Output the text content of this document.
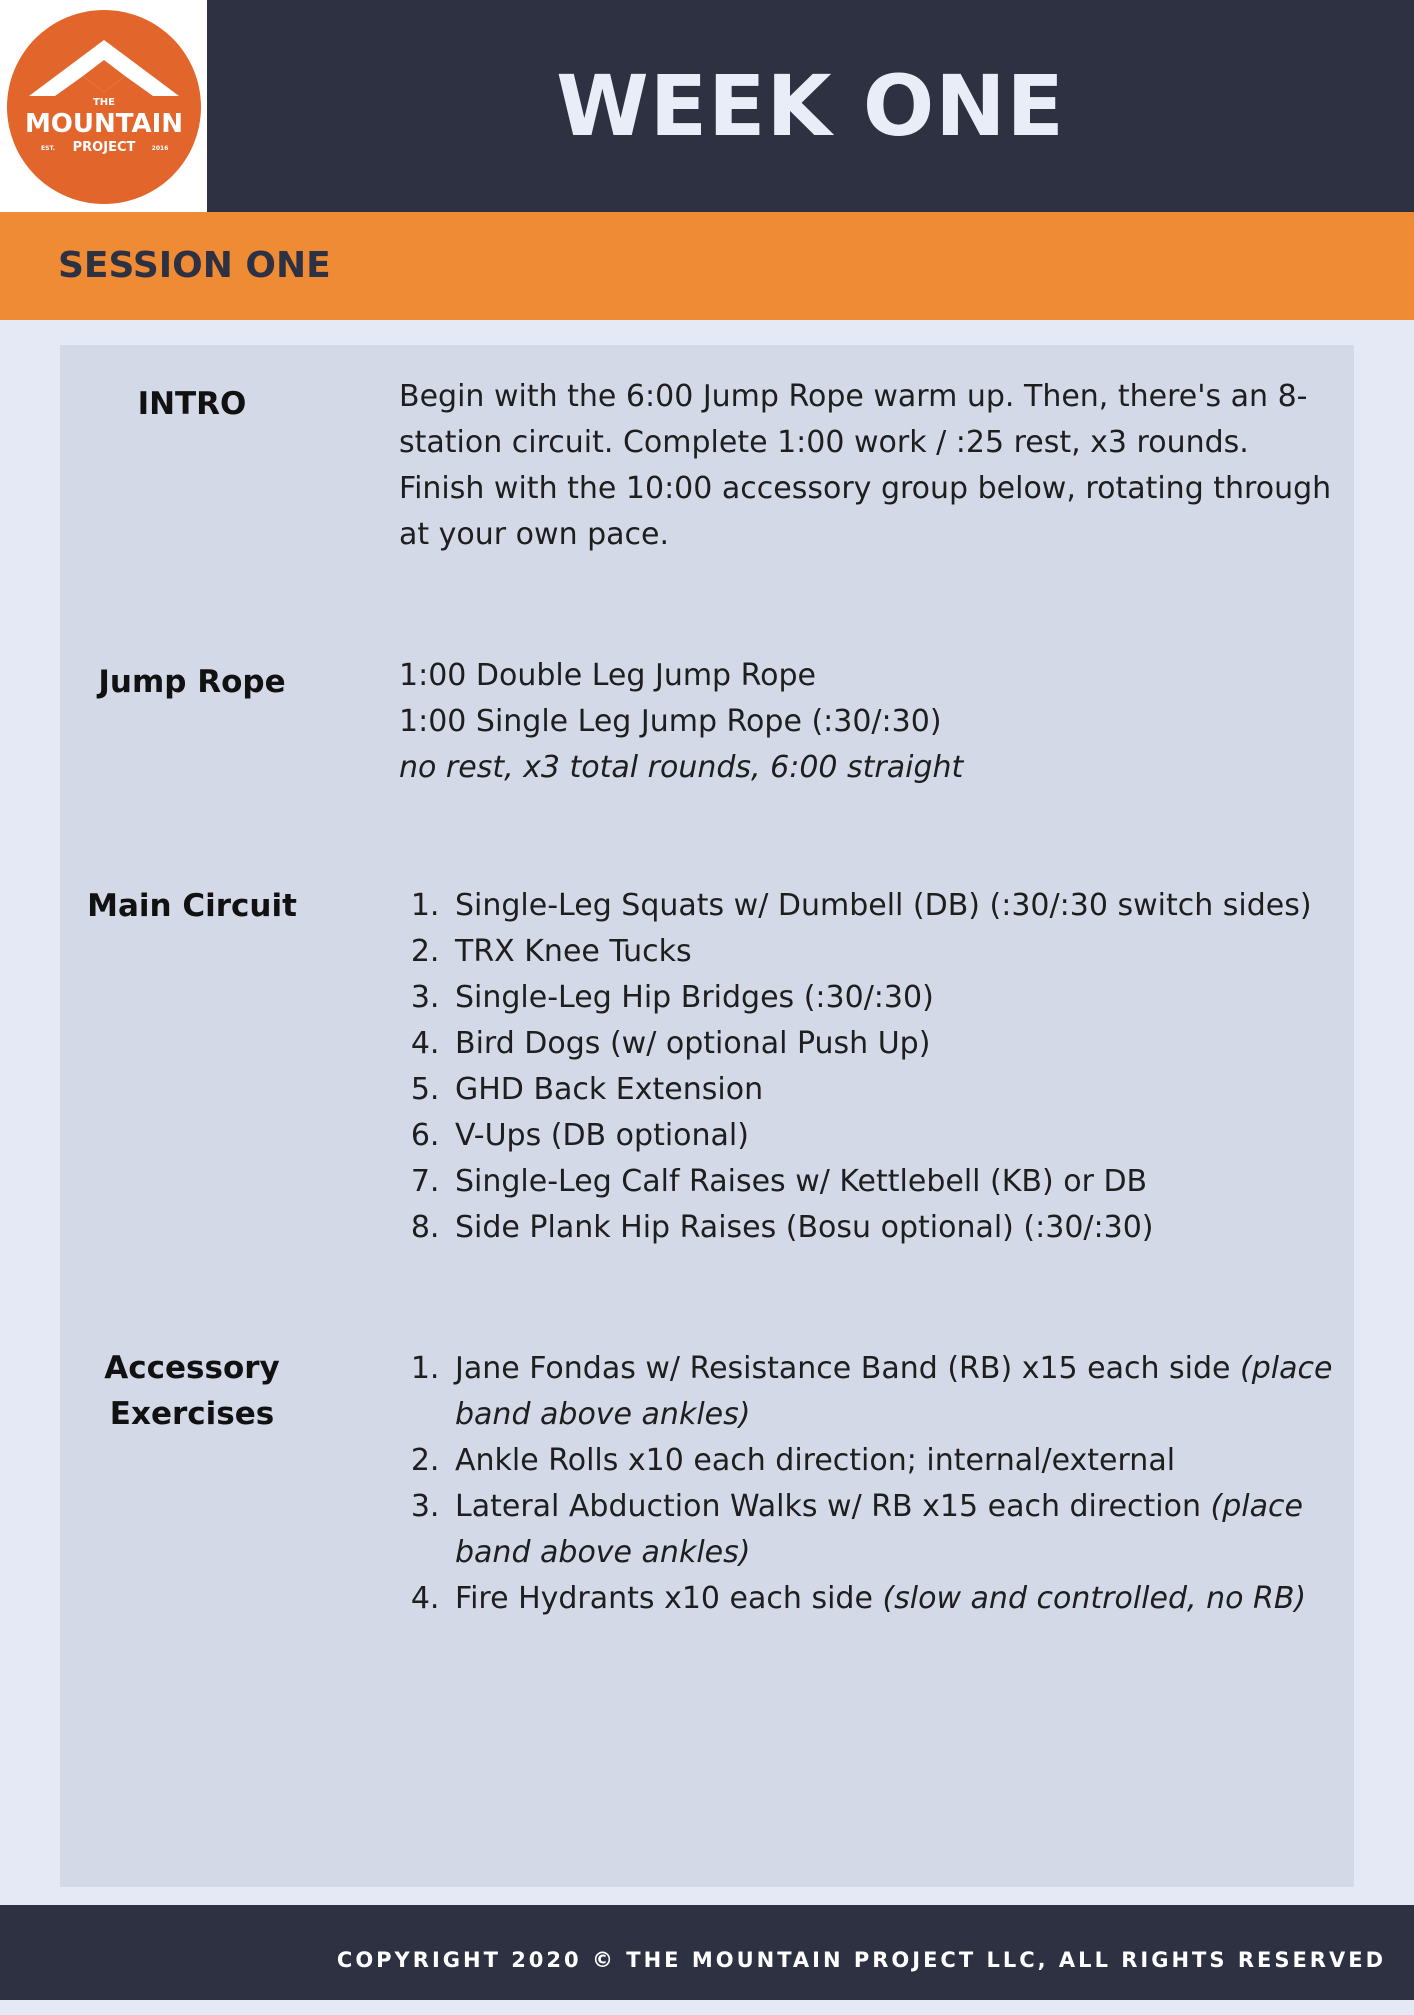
THE
MOUNTAIN
EST. PROJECT	2016	WEEK ONE
SESSION ONE
INTRO	Begin with the 6:00 Jump Rope warm up. Then, there's an 8-station circuit. Complete 1:00 work / :25 rest, x3 rounds. Finish with the 10:00 accessory group below, rotating through at your own pace.

Jump Rope	1:00 Double Leg Jump Rope

1:00 Single Leg Jump Rope (:30/:30)

no rest, x3 total rounds, 6:00 straight

Main Circuit
1.	Single-Leg Squats w/ Dumbell (DB) (:30/:30 switch sides)
2. TRX Knee Tucks
3. Single-Leg Hip Bridges (:30/:30)
4. Bird Dogs (w/ optional Push Up)
5. GHD Back Extension
6. V-Ups (DB optional)
7. Single-Leg Calf Raises w/ Kettlebell (KB) or DB
8. Side Plank Hip Raises (Bosu optional) (:30/:30)
Accessory
Exercises
1. Jane Fondas w/ Resistance Band (RB) x15 each side (place band above ankles)
2. Ankle Rolls x10 each direction; internal/external
3. Lateral Abduction Walks w/ RB x15 each direction (place band above ankles)
4. Fire Hydrants x10 each side (slow and controlled, no RB)
COPYRIGHT 2020 © THE MOUNTAIN PROJECT LLC, ALL RIGHTS RESERVED
